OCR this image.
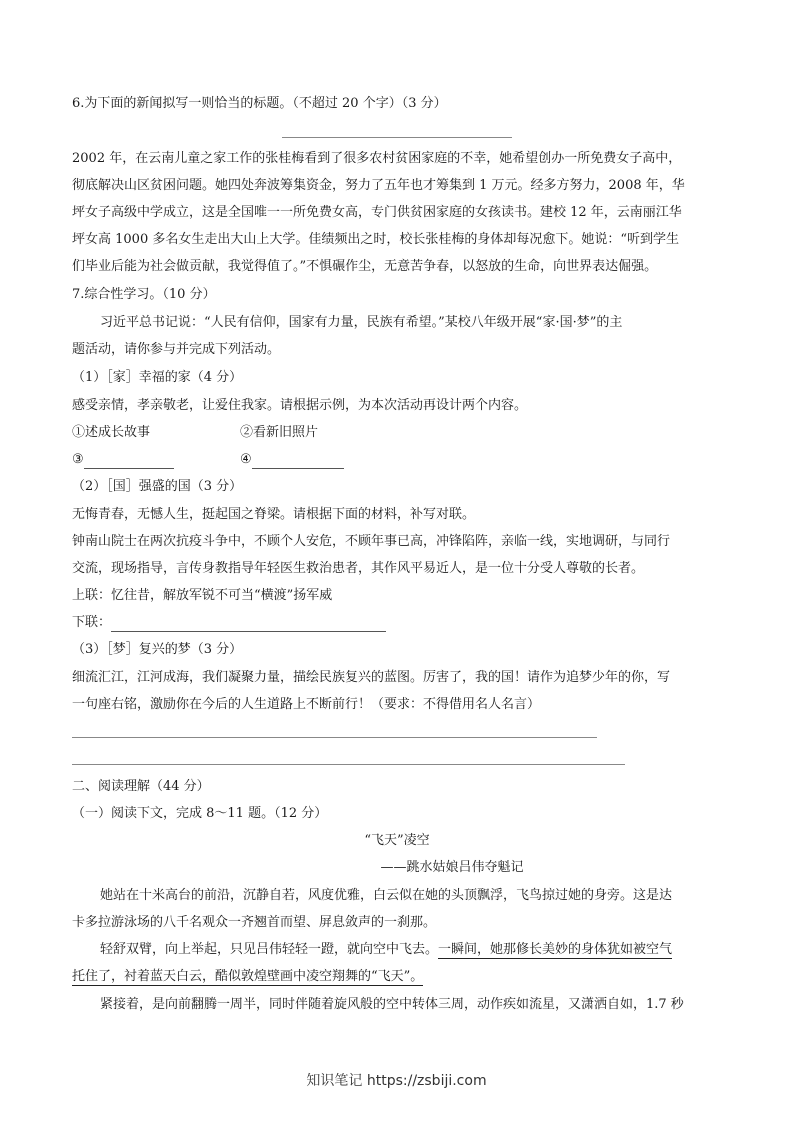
6.为下面的新闻拟写一则恰当的标题。（不超过 20 个字）（3 分）
2002 年，在云南儿童之家工作的张桂梅看到了很多农村贫困家庭的不幸，她希望创办一所免费女子高中，
彻底解决山区贫困问题。她四处奔波筹集资金，努力了五年也才筹集到 1 万元。经多方努力，2008 年，华
坪女子高级中学成立，这是全国唯一一所免费女高，专门供贫困家庭的女孩读书。建校 12 年，云南丽江华
坪女高 1000 多名女生走出大山上大学。佳绩频出之时，校长张桂梅的身体却每况愈下。她说：“听到学生
们毕业后能为社会做贡献，我觉得值了。”不惧碾作尘，无意苦争春，以怒放的生命，向世界表达倔强。
7.综合性学习。（10 分）
习近平总书记说：“人民有信仰，国家有力量，民族有希望。”某校八年级开展“家·国·梦”的主
题活动，请你参与并完成下列活动。
（1）［家］幸福的家（4 分）
感受亲情，孝亲敬老，让爱住我家。请根据示例，为本次活动再设计两个内容。
①述成长故事	②看新旧照片
③	④
（2）［国］强盛的国（3 分）
无悔青春，无憾人生，挺起国之脊梁。请根据下面的材料，补写对联。
钟南山院士在两次抗疫斗争中，不顾个人安危，不顾年事已高，冲锋陷阵，亲临一线，实地调研，与同行
交流，现场指导，言传身教指导年轻医生救治患者，其作风平易近人，是一位十分受人尊敬的长者。
上联：忆往昔，解放军锐不可当“横渡”扬军威
下联：
（3）［梦］复兴的梦（3 分）
细流汇江，江河成海，我们凝聚力量，描绘民族复兴的蓝图。厉害了，我的国！请作为追梦少年的你，写
一句座右铭，激励你在今后的人生道路上不断前行！（要求：不得借用名人名言）
二、阅读理解（44 分）
（一）阅读下文，完成 8～11 题。（12 分）
“飞天”凌空
——跳水姑娘吕伟夺魁记
她站在十米高台的前沿，沉静自若，风度优雅，白云似在她的头顶飘浮，飞鸟掠过她的身旁。这是达
卡多拉游泳场的八千名观众一齐翘首而望、屏息敛声的一刹那。
轻舒双臂，向上举起，只见吕伟轻轻一蹬，就向空中飞去。一瞬间，她那修长美妙的身体犹如被空气
托住了，衬着蓝天白云，酷似敦煌壁画中凌空翔舞的“飞天”。
紧接着，是向前翻腾一周半，同时伴随着旋风般的空中转体三周，动作疾如流星，又潇洒自如，1.7 秒
知识笔记 https://zsbiji.com
